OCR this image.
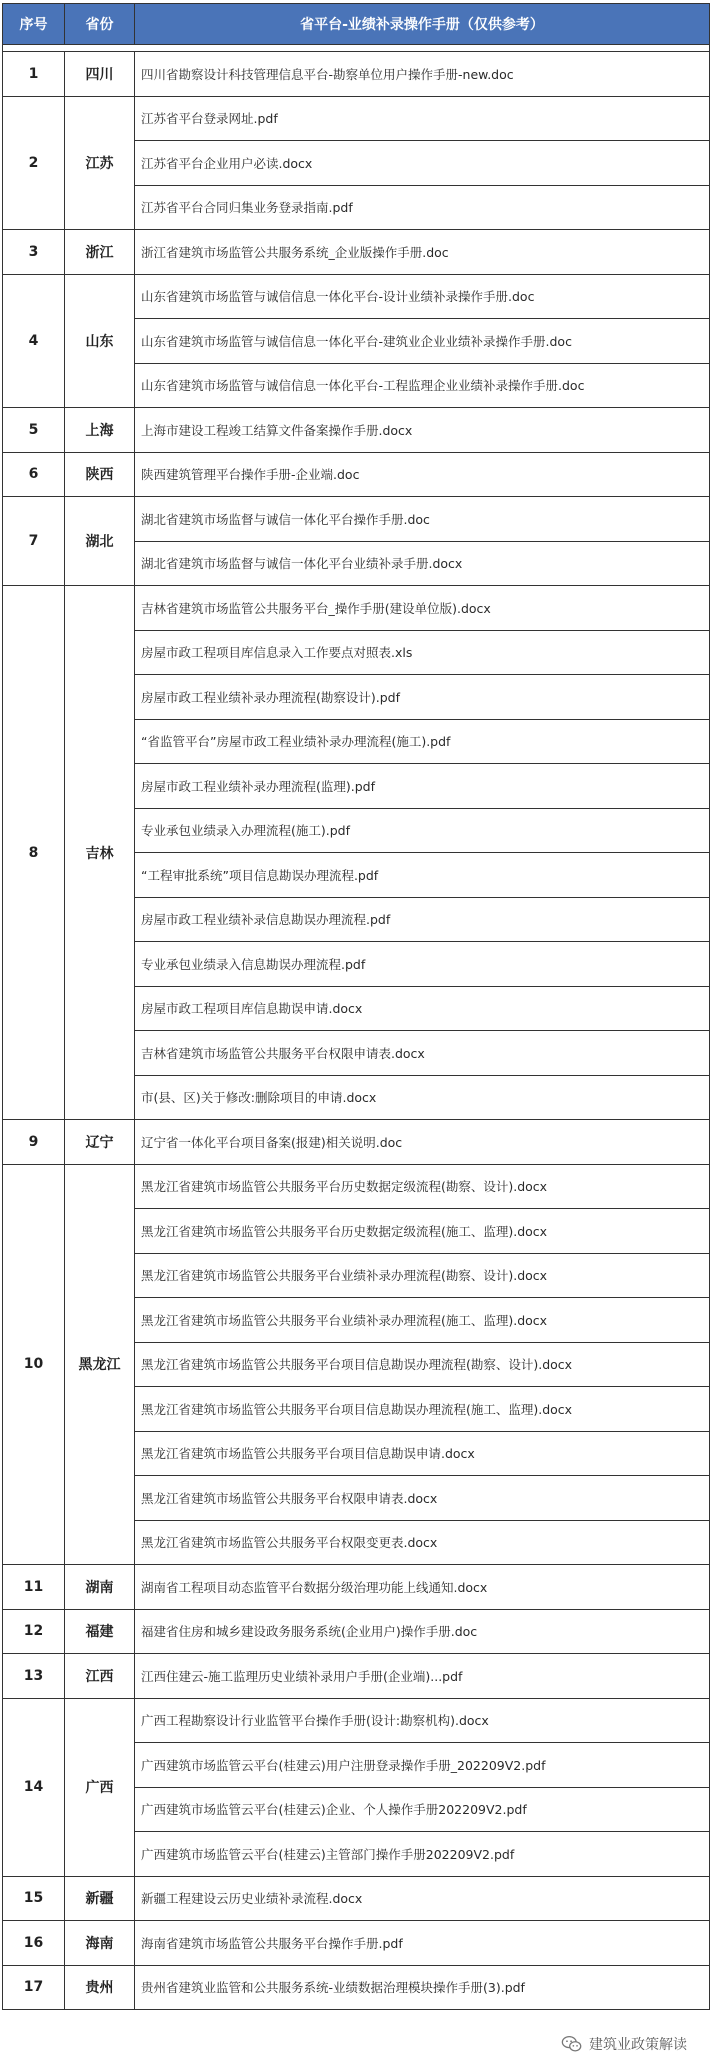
序号	省份	省平台-业绩补录操作手册（仅供参考）

1	四川	四川省勘察设计科技管理信息平台-勘察单位用户操作手册-new.doc
2	江苏	江苏省平台登录网址.pdf
		江苏省平台企业用户必读.docx
		江苏省平台合同归集业务登录指南.pdf
3	浙江	浙江省建筑市场监管公共服务系统_企业版操作手册.doc
4	山东	山东省建筑市场监管与诚信信息一体化平台-设计业绩补录操作手册.doc
		山东省建筑市场监管与诚信信息一体化平台-建筑业企业业绩补录操作手册.doc
		山东省建筑市场监管与诚信信息一体化平台-工程监理企业业绩补录操作手册.doc
5	上海	上海市建设工程竣工结算文件备案操作手册.docx
6	陕西	陕西建筑管理平台操作手册-企业端.doc
7	湖北	湖北省建筑市场监督与诚信一体化平台操作手册.doc
		湖北省建筑市场监督与诚信一体化平台业绩补录手册.docx
8	吉林	吉林省建筑市场监管公共服务平台_操作手册(建设单位版).docx
		房屋市政工程项目库信息录入工作要点对照表.xls
		房屋市政工程业绩补录办理流程(勘察设计).pdf
		“省监管平台”房屋市政工程业绩补录办理流程(施工).pdf
		房屋市政工程业绩补录办理流程(监理).pdf
		专业承包业绩录入办理流程(施工).pdf
		“工程审批系统”项目信息勘误办理流程.pdf
		房屋市政工程业绩补录信息勘误办理流程.pdf
		专业承包业绩录入信息勘误办理流程.pdf
		房屋市政工程项目库信息勘误申请.docx
		吉林省建筑市场监管公共服务平台权限申请表.docx
		市(县、区)关于修改:删除项目的申请.docx
9	辽宁	辽宁省一体化平台项目备案(报建)相关说明.doc
10	黑龙江	黑龙江省建筑市场监管公共服务平台历史数据定级流程(勘察、设计).docx
		黑龙江省建筑市场监管公共服务平台历史数据定级流程(施工、监理).docx
		黑龙江省建筑市场监管公共服务平台业绩补录办理流程(勘察、设计).docx
		黑龙江省建筑市场监管公共服务平台业绩补录办理流程(施工、监理).docx
		黑龙江省建筑市场监管公共服务平台项目信息勘误办理流程(勘察、设计).docx
		黑龙江省建筑市场监管公共服务平台项目信息勘误办理流程(施工、监理).docx
		黑龙江省建筑市场监管公共服务平台项目信息勘误申请.docx
		黑龙江省建筑市场监管公共服务平台权限申请表.docx
		黑龙江省建筑市场监管公共服务平台权限变更表.docx
11	湖南	湖南省工程项目动态监管平台数据分级治理功能上线通知.docx
12	福建	福建省住房和城乡建设政务服务系统(企业用户)操作手册.doc
13	江西	江西住建云-施工监理历史业绩补录用户手册(企业端)...pdf
14	广西	广西工程勘察设计行业监管平台操作手册(设计:勘察机构).docx
		广西建筑市场监管云平台(桂建云)用户注册登录操作手册_202209V2.pdf
		广西建筑市场监管云平台(桂建云)企业、个人操作手册202209V2.pdf
		广西建筑市场监管云平台(桂建云)主管部门操作手册202209V2.pdf
15	新疆	新疆工程建设云历史业绩补录流程.docx
16	海南	海南省建筑市场监管公共服务平台操作手册.pdf
17	贵州	贵州省建筑业监管和公共服务系统-业绩数据治理模块操作手册(3).pdf
建筑业政策解读
